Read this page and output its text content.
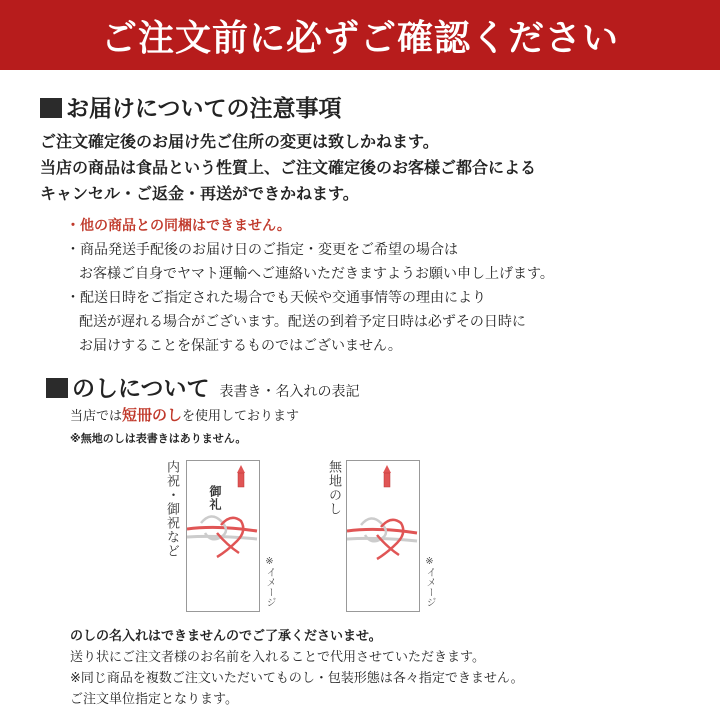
ご注文前に必ずご確認ください
お届けについての注意事項
ご注文確定後のお届け先ご住所の変更は致しかねます。
当店の商品は食品という性質上、ご注文確定後のお客様ご都合による
キャンセル・ご返金・再送ができかねます。
・他の商品との同梱はできません。
・商品発送手配後のお届け日のご指定・変更をご希望の場合は
お客様ご自身でヤマト運輸へご連絡いただきますようお願い申し上げます。
・配送日時をご指定された場合でも天候や交通事情等の理由により
配送が遅れる場合がございます。配送の到着予定日時は必ずその日時に
お届けすることを保証するものではございません。
のしについて 表書き・名入れの表記
当店では短冊のしを使用しております
※無地のしは表書きはありません。
内祝・御祝など 御礼
※イメージ
無地のし
※イメージ
のしの名入れはできませんのでご了承くださいませ。
送り状にご注文者様のお名前を入れることで代用させていただきます。
※同じ商品を複数ご注文いただいてものし・包装形態は各々指定できません。
ご注文単位指定となります。
